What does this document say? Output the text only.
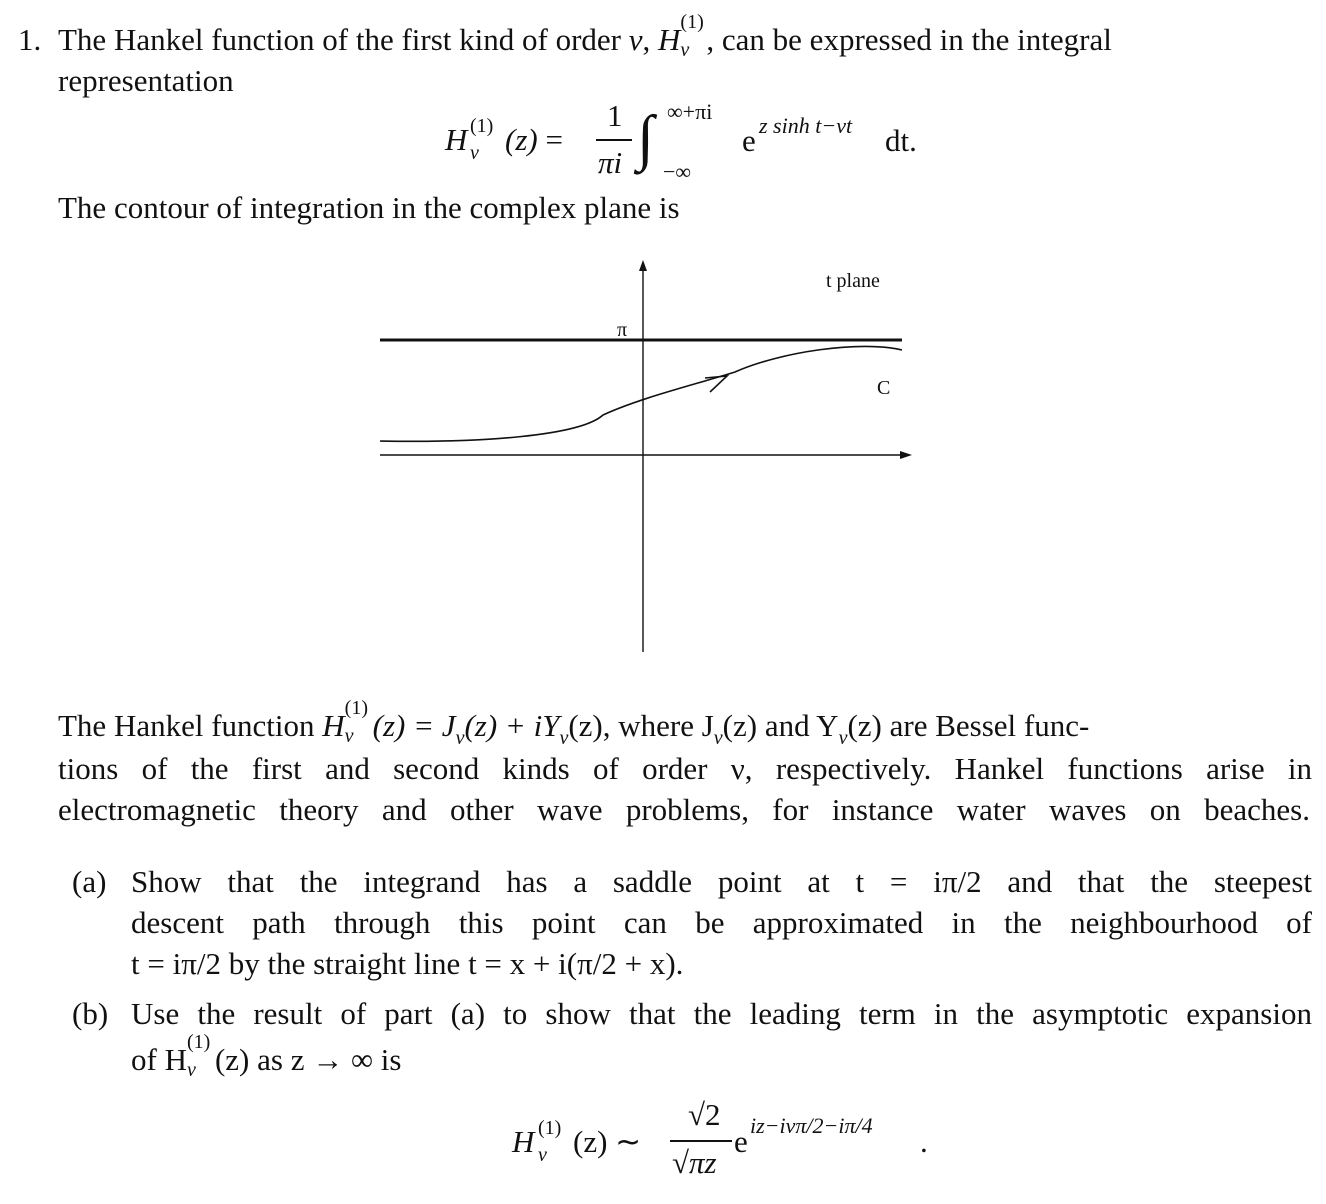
1. The Hankel function of the first kind of order ν, H (1)
ν , can be expressed in the integral
representation
H (1)
ν (z) =
1
πi ∫ ∞+πi
−∞
e z sinh t−νt dt.
The contour of integration in the complex plane is
t plane
π
C
The Hankel function H (1)
ν $(z) = J_\nu(z) + iY_\nu(z)$, where $J_\nu(z)$ and $Y_\nu(z)$ are Bessel func-
tions of the first and second kinds of order ν, respectively. Hankel functions arise in
electromagnetic theory and other wave problems, for instance water waves on beaches.
(a) Show that the integrand has a saddle point at t = iπ/2 and that the steepest
descent path through this point can be approximated in the neighbourhood of
t = iπ/2 by the straight line t = x + i(π/2 + x).
(b) Use the result of part (a) to show that the leading term in the asymptotic expansion
of H (1)
ν (z) as z → ∞ is
H (1)
ν (z) ∼
√2
√πz
e iz−iνπ/2−iπ/4 .
